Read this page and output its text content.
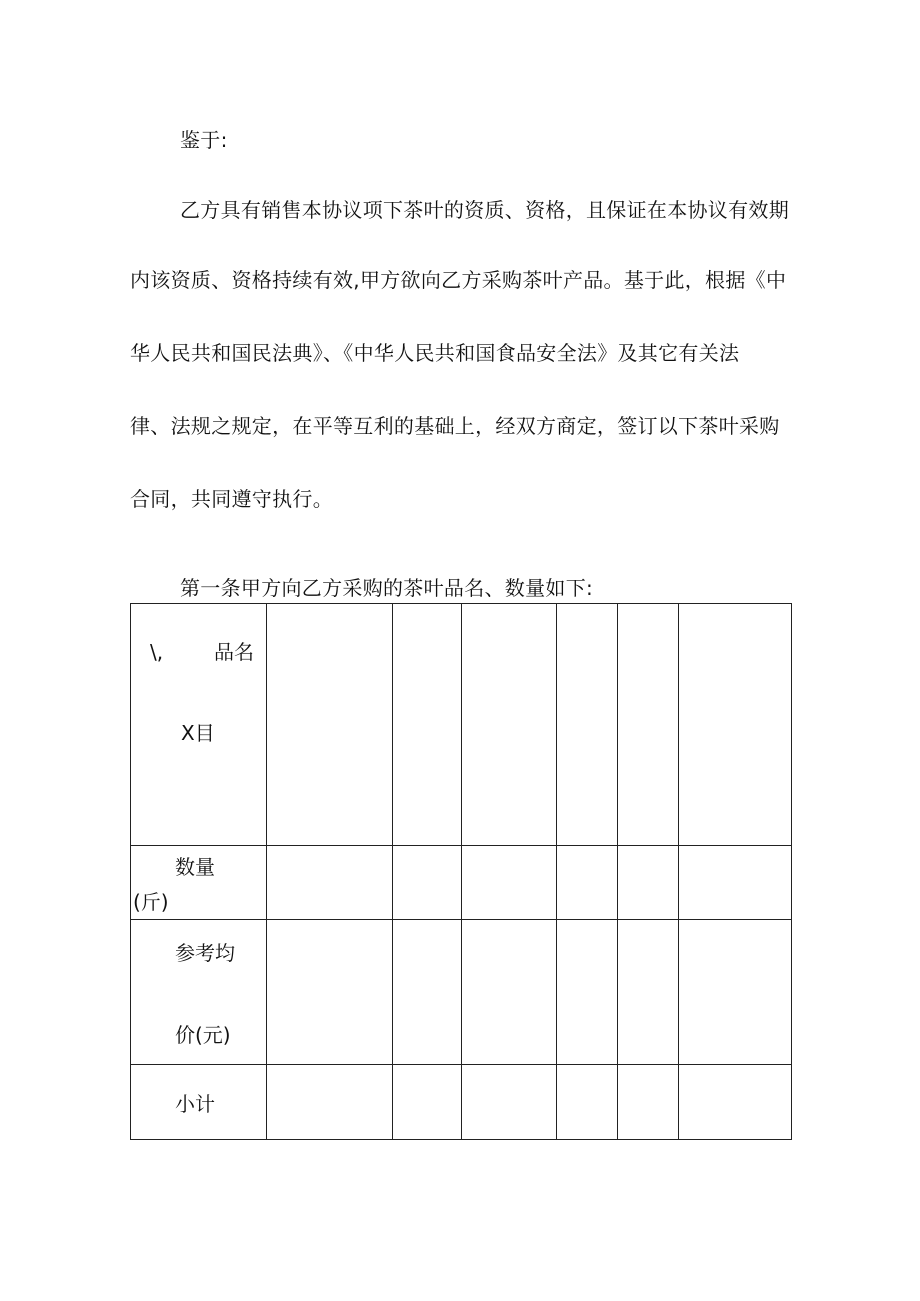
鉴于:
乙方具有销售本协议项下茶叶的资质、资格，且保证在本协议有效期
内该资质、资格持续有效,甲方欲向乙方采购茶叶产品。基于此，根据《中
华人民共和国民法典》、《中华人民共和国食品安全法》及其它有关法
律、法规之规定，在平等互利的基础上，经双方商定，签订以下茶叶采购
合同，共同遵守执行。
第一条甲方向乙方采购的茶叶品名、数量如下:
\, 品名
X目						

数量
(斤)						

参考均
价(元)						

小计						
